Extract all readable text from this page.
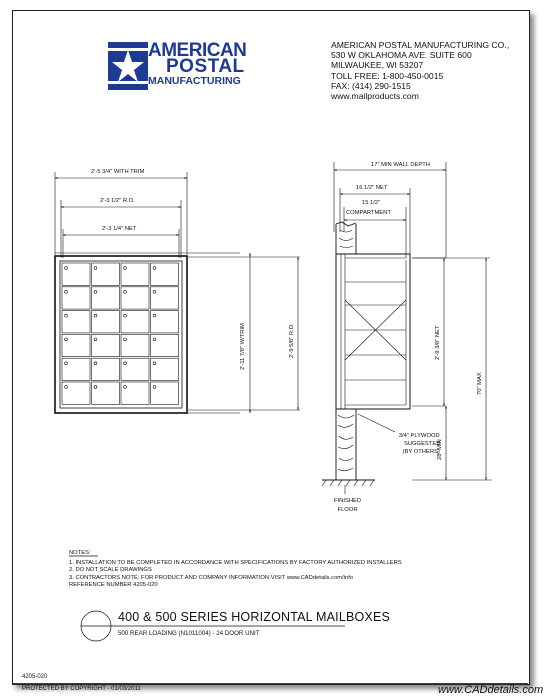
AMERICAN
POSTAL
MANUFACTURING
AMERICAN POSTAL MANUFACTURING CO.,
530 W OKLAHOMA AVE. SUITE 600
MILWAUKEE, WI 53207
TOLL FREE: 1-800-450-0015
FAX: (414) 290-1515
www.mailproducts.com
2'-5 3/4" WITH TRIM
2'-3 1/2" R.O.
2'-3 1/4" NET
2'-11 7/8" W/TRIM	2'-9 5/8" R.O.
17" MIN WALL DEPTH
16 1/2" NET
15 1/2"
COMPARTMENT
2'-9 3/8" NET
70" MAX
28" MIN
3/4" PLYWOOD
SUGGESTED
(BY OTHERS)
FINISHED
FLOOR
NOTES:
1. INSTALLATION TO BE COMPLETED IN ACCORDANCE WITH SPECIFICATIONS BY FACTORY AUTHORIZED INSTALLERS
2. DO NOT SCALE DRAWINGS
3. CONTRACTORS NOTE: FOR PRODUCT AND COMPANY INFORMATION VISIT www.CADdetails.com/info
REFERENCE NUMBER 4205-020
400 & 500 SERIES HORIZONTAL MAILBOXES
500 REAR LOADING (N1011004) - 24 DOOR UNIT
4205-020
PROTECTED BY COPYRIGHT - 01/03/2011	www.CADdetails.com
